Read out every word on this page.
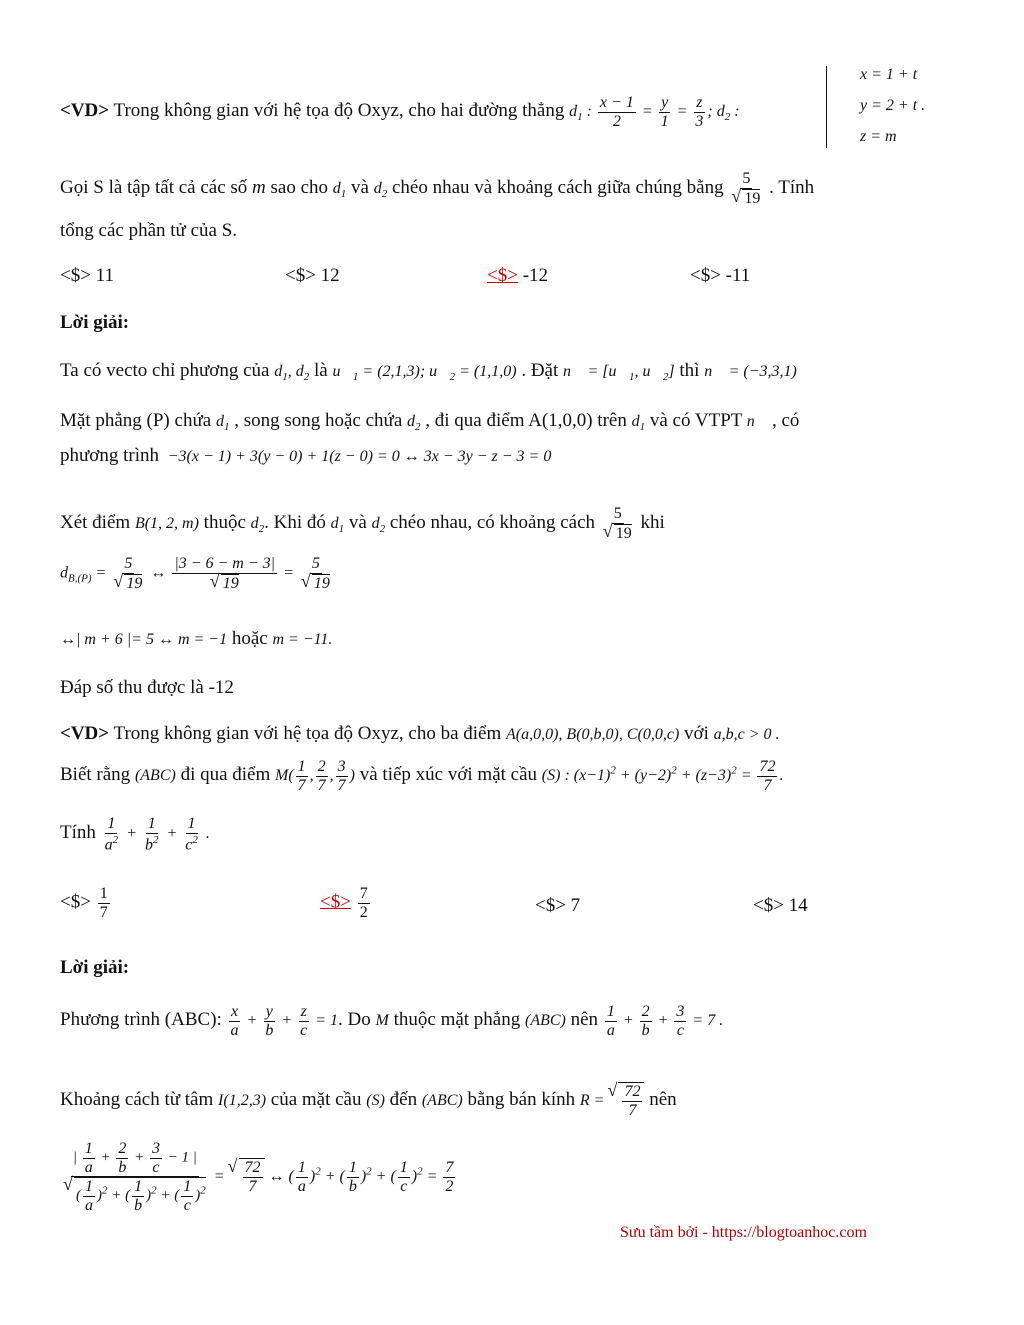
<VD> Trong không gian với hệ tọa độ Oxyz, cho hai đường thẳng $d_1$ : $\frac{x - 1}{2} = \frac{y}{1} = \frac{z}{3}$ ; $d_2$ :
x = 1 + t
y = 2 + t .
z = m
Gọi S là tập tất cả các số m sao cho $d_1$ và $d_2$ chéo nhau và khoảng cách giữa chúng bằng 5
√ 19 . Tính
tổng các phần tử của S.
<$> 11	<$> 12	<$> -12	<$> -11
Lời giải:
Ta có vecto chỉ phương của $d_1$, $d_2$ là $u⃗_1 = (2,1,3)$; $u⃗_2 = (1,1,0)$ . Đặt n⃗ = [$u⃗_1$, $u⃗_2$] thì n⃗ = (−3,3,1)
Mặt phẳng (P) chứa $d_1$ , song song hoặc chứa $d_2$ , đi qua điểm A(1,0,0) trên $d_1$ và có VTPT n⃗ , có
phương trình  −3(x − 1) + 3(y − 0) + 1(z − 0) = 0 ↔ 3x − 3y − z − 3 = 0
Xét điểm B(1, 2, m) thuộc $d_2$. Khi đó $d_1$ và $d_2$ chéo nhau, có khoảng cách 5
√ 19 khi
$d_{B,(P)} = 5$
√ 19 ↔ |3 − 6 − m − 3|
√ 19 = 5
√ 19
↔| m + 6 |= 5 ↔ m = −1 hoặc m = −11.
Đáp số thu được là -12
<VD> Trong không gian với hệ tọa độ Oxyz, cho ba điểm A(a,0,0), B(0,b,0), C(0,0,c) với a,b,c > 0 .
Biết rằng (ABC) đi qua điểm $M( \frac{1}{7}$ , $\frac{2}{7}$ , $\frac{3}{7}$ ) và tiếp xúc với mặt cầu (S) : $(x-1)^2 + (y-2)^2 + (z-3)^2 = \frac{72}{7}$ .
Tính $\frac{1}{a^2} + \frac{1}{b^2} + \frac{1}{c^2}$ .
<$> $\frac{1}{7}$	<$> $\frac{7}{2}$	<$> 7	<$> 14
Lời giải:
Phương trình (ABC): $\frac{x}{a} + \frac{y}{b} + \frac{z}{c} = 1$. Do M thuộc mặt phẳng (ABC) nên $\frac{1}{a} + \frac{2}{b} + \frac{3}{c} = 7$ .
Khoảng cách từ tâm I(1,2,3) của mặt cầu (S) đến (ABC) bằng bán kính R = √ $\frac{72}{7}$ nên
| $\frac{1}{a} + \frac{2}{b} + \frac{3}{c} - 1$ |
√ ( $\frac{1}{a} )^2$ + ( $\frac{1}{b} )^2$ + ( $\frac{1}{c} )^2$ = √ $\frac{72}{7}$ ↔ ( $\frac{1}{a} )^2$ + ( $\frac{1}{b} )^2$ + ( $\frac{1}{c} )^2 = \frac{7}{2}$
Sưu tầm bởi - https://blogtoanhoc.com
